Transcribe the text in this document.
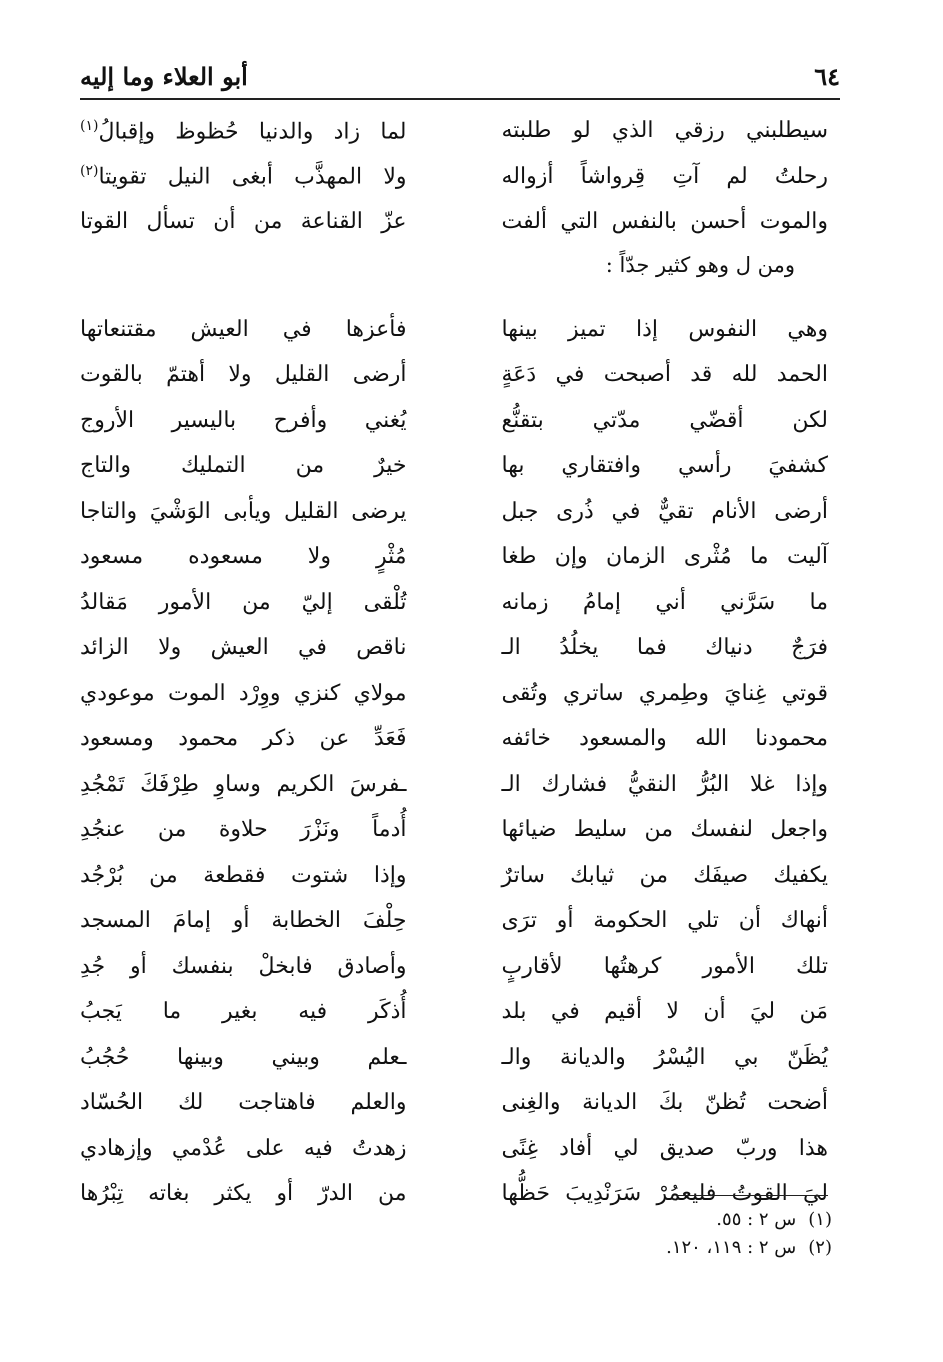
٦٤
أبو العلاء وما إليه
سيطلبني رزقي الذي لو طلبته
لما زاد والدنيا حُظوظ وإقبالُ$^{(١)}$
رحلتُ لم آتِ قِرواشاً أزواله
ولا المهذَّب أبغى النيل تقويتا$^{(٢)}$
والموت أحسن بالنفس التي ألفت
عزّ القناعة من أن تسأل القوتا
ومن ل وهو كثير جدّاً :
وهي النفوس إذا تميز بينها
فأعزها في العيش مقتنعاتها
الحمد لله قد أصبحت في دَعَةٍ
أرضى القليل ولا أهتمّ بالقوت
لكن أقضّي مدّتي بتقنُّع
يُغني وأفرح باليسير الأروج
كشفيَ رأسي وافتقاري بها
خيرٌ من التمليك والتاج
أرضى الأنام تقيٌّ في ذُرى جبل
يرضى القليل ويأبى الوَشْيَ والتاجا
آليت ما مُثْرى الزمان وإن طغا
مُثْرٍ ولا مسعوده مسعود
ما سَرَّني أني إمامُ زمانه
تُلْقى إليّ من الأمور مَقالدُ
فرَجٌ دنياك فما يخلُدُ الـ
ناقص في العيش ولا الزائد
قوتي غِنايَ وطِمري ساتري وتُقى
مولاي كنزي ووِرْد الموت موعودي
محمودنا الله والمسعود خائفه
فَعَدِّ عن ذكر محمود ومسعود
وإذا غلا البُرُّ النقيُّ فشارك الـ
ـفرسَ الكريم وساوِ طِرْفَكَ تَمْجُدِ
واجعل لنفسك من سليط ضيائها
أُدماً ونَزْرَ حلاوة من عنجُدِ
يكفيك صيفَك من ثيابك ساترٌ
وإذا شتوت فقطعة من بُرْجُد
أنهاك أن تلي الحكومة أو ترَى
حِلْفَ الخطابة أو إمامَ المسجد
تلك الأمور كرهتُها لأقاربٍ
وأصادق فابخلْ بنفسك أو جُدِ
مَن ليَ أن لا أقيم في بلد
أُذكَر فيه بغير ما يَجبُ
يُظَنّ بي اليُسْرُ والديانة والـ
ـعلم وبيني وبينها حُجُبُ
أضحت تُظنّ بكَ الديانة والغِنى
والعلم فاهتاجت لك الحُسّاد
هذا وربّ صديق لي أفاد غِنًى
زهدتُ فيه على عُدْمي وإزهادي
ليَ القوتُ فليعمُرْ سَرَنْدِيبَ حَظُّها
من الدرّ أو يكثر بغاته تِبْرُها
(١)
س ٢ : ٥٥.
(٢)
س ٢ : ١١٩، ١٢٠.
